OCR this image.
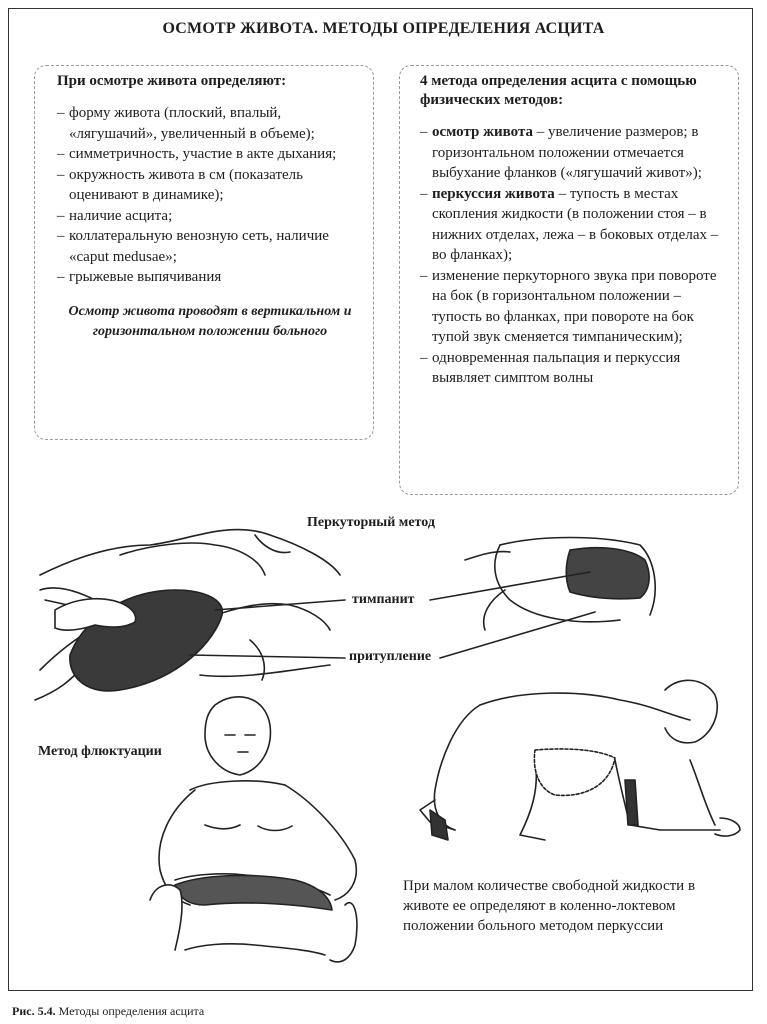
ОСМОТР ЖИВОТА. МЕТОДЫ ОПРЕДЕЛЕНИЯ АСЦИТА
При осмотре живота определяют:
– форму живота (плоский, впалый, «лягушачий», увеличенный в объеме);
– симметричность, участие в акте дыхания;
– окружность живота в см (показатель оценивают в динамике);
– наличие асцита;
– коллатеральную венозную сеть, наличие «caput medusae»;
– грыжевые выпячивания
Осмотр живота проводят в вертикальном и горизонтальном положении больного
4 метода определения асцита с помощью физических методов:
– осмотр живота – увеличение размеров; в горизонтальном положении отмечается выбухание фланков («лягушачий живот»);
– перкуссия живота – тупость в местах скопления жидкости (в положении стоя – в нижних отделах, лежа – в боковых отделах – во фланках);
– изменение перкуторного звука при повороте на бок (в горизонтальном положении – тупость во фланках, при повороте на бок тупой звук сменяется тимпаническим);
– одновременная пальпация и перкуссия выявляет симптом волны
Перкуторный метод
тимпанит
притупление
Метод флюктуации
При малом количестве свободной жидкости в животе ее определяют в коленно-локтевом положении больного методом перкуссии
Рис. 5.4. Методы определения асцита
